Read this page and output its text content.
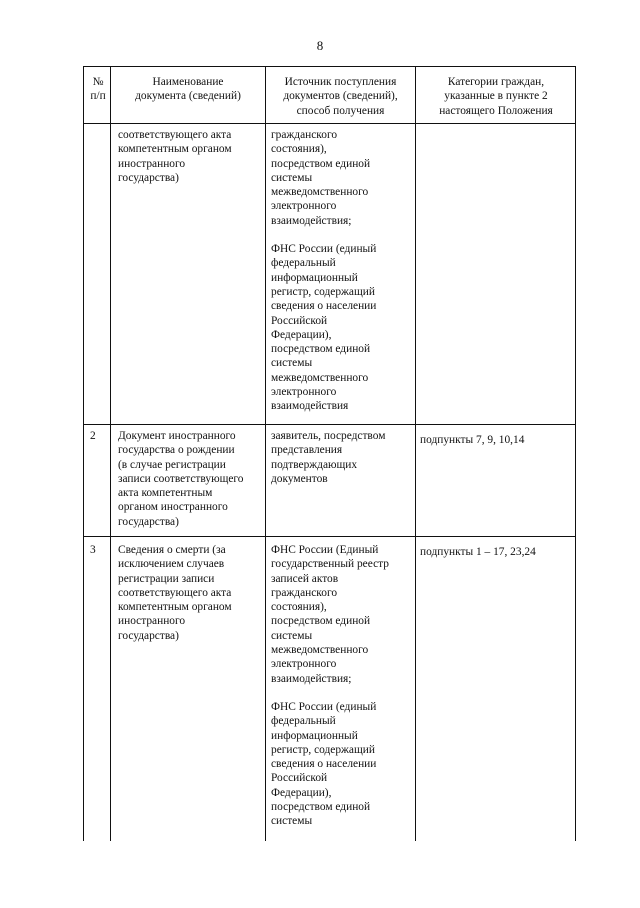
8
№
п/п
Наименование
документа (сведений)
Источник поступления
документов (сведений),
способ получения
Категории граждан,
указанные в пункте 2
настоящего Положения
соответствующего акта
компетентным органом
иностранного
государства)
гражданского
состояния),
посредством единой
системы
межведомственного
электронного
взаимодействия;
ФНС России (единый
федеральный
информационный
регистр, содержащий
сведения о населении
Российской
Федерации),
посредством единой
системы
межведомственного
электронного
взаимодействия
2	Документ иностранного
государства о рождении
(в случае регистрации
записи соответствующего
акта компетентным
органом иностранного
государства)
заявитель, посредством
представления
подтверждающих
документов
подпункты 7, 9, 10,14
3	Сведения о смерти (за
исключением случаев
регистрации записи
соответствующего акта
компетентным органом
иностранного
государства)
ФНС России (Единый
государственный реестр
записей актов
гражданского
состояния),
посредством единой
системы
межведомственного
электронного
взаимодействия;
ФНС России (единый
федеральный
информационный
регистр, содержащий
сведения о населении
Российской
Федерации),
посредством единой
системы
подпункты 1 – 17, 23,24
